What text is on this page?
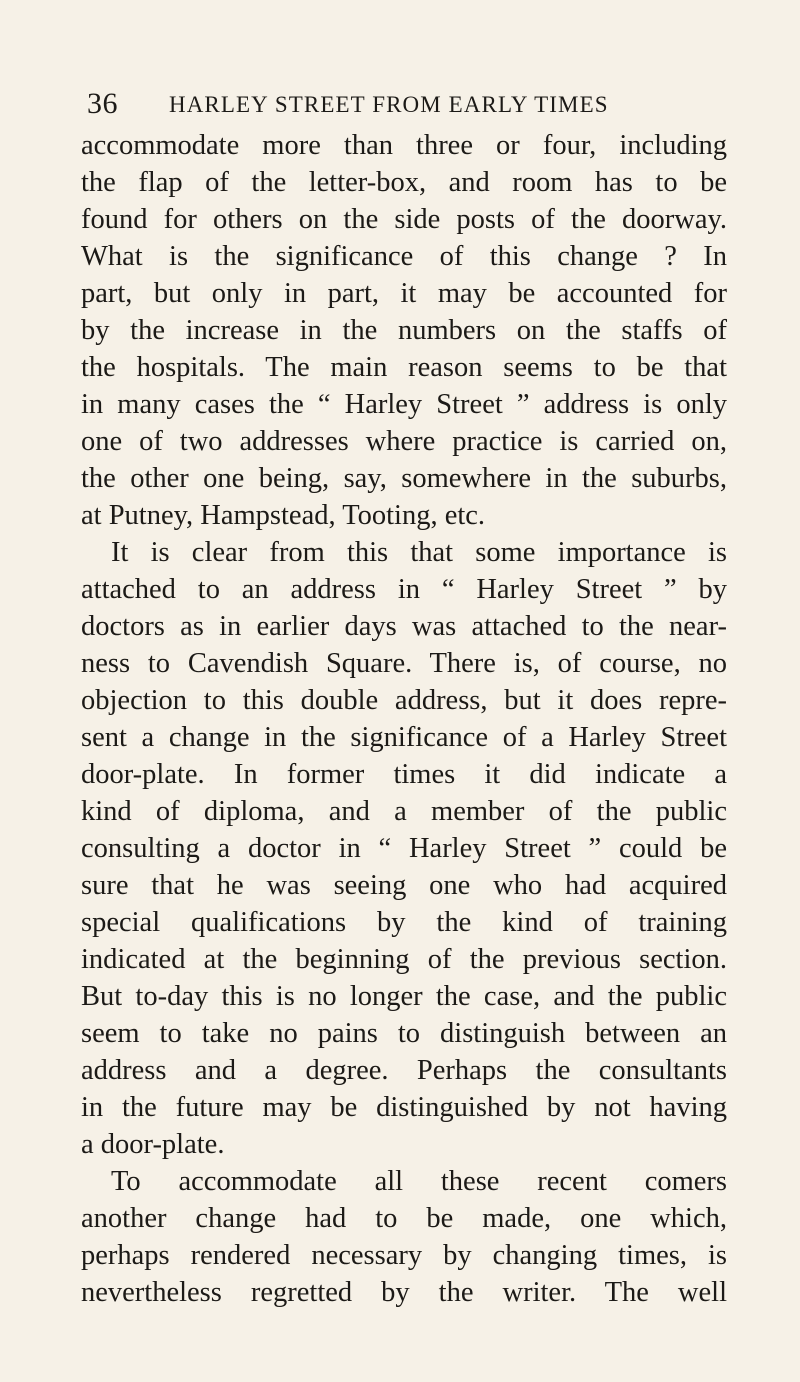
36 HARLEY STREET FROM EARLY TIMES
accommodate more than three or four, including
the flap of the letter-box, and room has to be
found for others on the side posts of the doorway.
What is the significance of this change ? In
part, but only in part, it may be accounted for
by the increase in the numbers on the staffs of
the hospitals. The main reason seems to be that
in many cases the “ Harley Street ” address is only
one of two addresses where practice is carried on,
the other one being, say, somewhere in the suburbs,
at Putney, Hampstead, Tooting, etc.
It is clear from this that some importance is
attached to an address in “ Harley Street ” by
doctors as in earlier days was attached to the near-
ness to Cavendish Square. There is, of course, no
objection to this double address, but it does repre-
sent a change in the significance of a Harley Street
door-plate. In former times it did indicate a
kind of diploma, and a member of the public
consulting a doctor in “ Harley Street ” could be
sure that he was seeing one who had acquired
special qualifications by the kind of training
indicated at the beginning of the previous section.
But to-day this is no longer the case, and the public
seem to take no pains to distinguish between an
address and a degree. Perhaps the consultants
in the future may be distinguished by not having
a door-plate.
To accommodate all these recent comers
another change had to be made, one which,
perhaps rendered necessary by changing times, is
nevertheless regretted by the writer. The well
